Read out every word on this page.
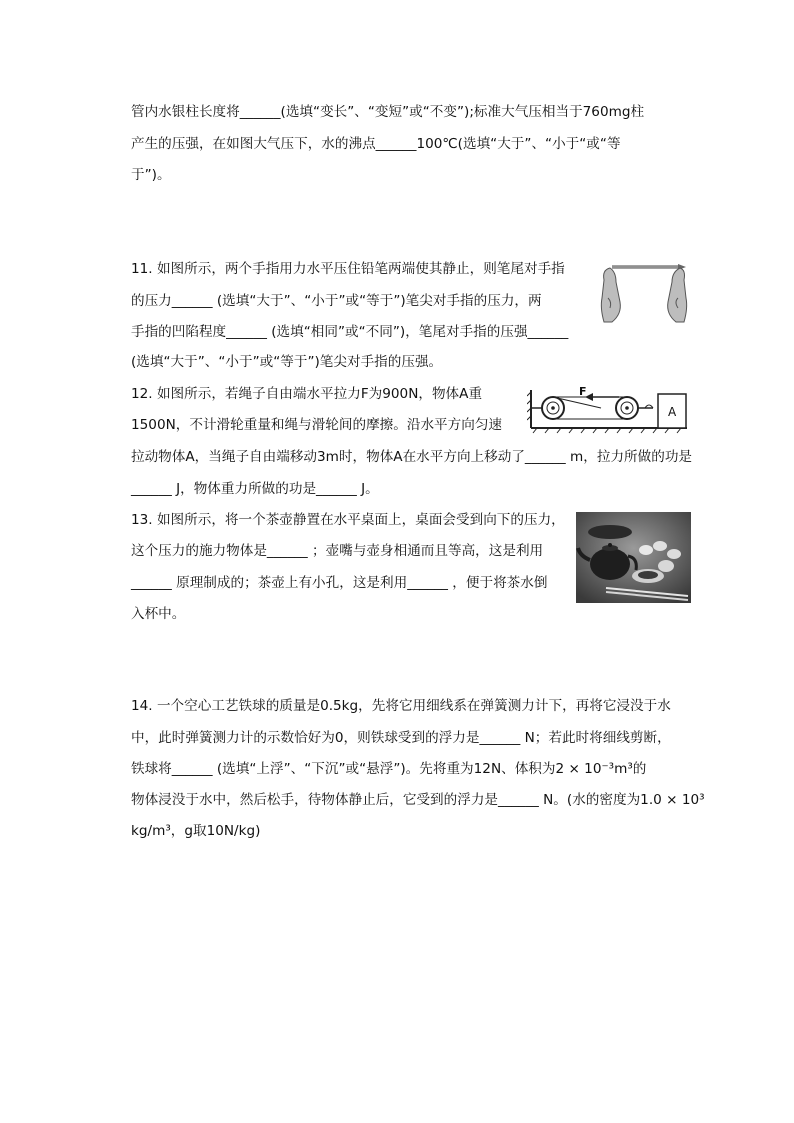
管内水银柱长度将______(选填“变长”、“变短”或“不变”);标准大气压相当于760mg柱
产生的压强，在如图大气压下，水的沸点______100℃(选填“大于”、“小于“或“等
于”)。
11. 如图所示，两个手指用力水平压住铅笔两端使其静止，则笔尾对手指
的压力______ (选填“大于”、“小于”或“等于”)笔尖对手指的压力，两
手指的凹陷程度______ (选填“相同”或“不同”)，笔尾对手指的压强______
(选填“大于”、“小于”或“等于”)笔尖对手指的压强。
12. 如图所示，若绳子自由端水平拉力F为900N，物体A重
1500N，不计滑轮重量和绳与滑轮间的摩擦。沿水平方向匀速
拉动物体A，当绳子自由端移动3m时，物体A在水平方向上移动了______ m，拉力所做的功是
______ J，物体重力所做的功是______ J。
F
A
13. 如图所示，将一个茶壶静置在水平桌面上，桌面会受到向下的压力，
这个压力的施力物体是______ ；壶嘴与壶身相通而且等高，这是利用
______ 原理制成的；茶壶上有小孔，这是利用______ ，便于将茶水倒
入杯中。
14. 一个空心工艺铁球的质量是0.5kg，先将它用细线系在弹簧测力计下，再将它浸没于水
中，此时弹簧测力计的示数恰好为0，则铁球受到的浮力是______ N；若此时将细线剪断，
铁球将______ (选填“上浮”、“下沉”或“悬浮”)。先将重为12N、体积为2 × 10⁻³m³的
物体浸没于水中，然后松手，待物体静止后，它受到的浮力是______ N。(水的密度为1.0 × 10³
kg/m³，g取10N/kg)
